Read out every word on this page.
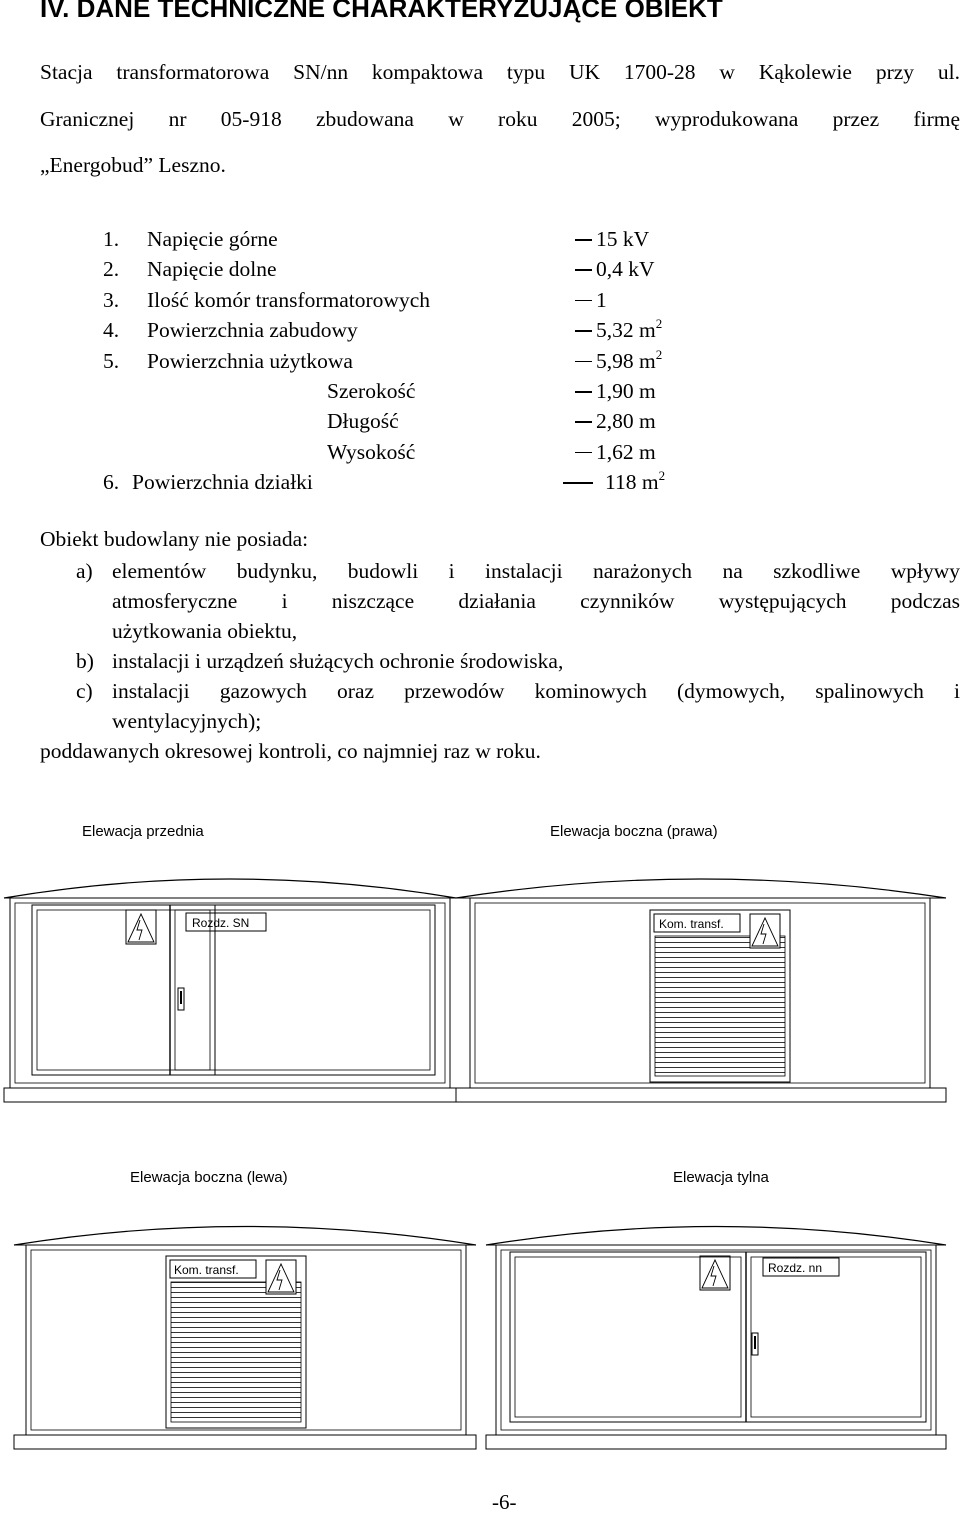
IV. DANE TECHNICZNE CHARAKTERYZUJĄCE OBIEKT
Stacja transformatorowa SN/nn kompaktowa typu UK 1700-28 w Kąkolewie przy ul.
Granicznej nr 05-918 zbudowana w roku 2005; wyprodukowana przez firmę
„Energobud” Leszno.
1. Napięcie górne	15 kV
2. Napięcie dolne	0,4 kV
3. Ilość komór transformatorowych	1
4. Powierzchnia zabudowy	5,32 $m^2$
5. Powierzchnia użytkowa	5,98 $m^2$
Szerokość	1,90 m
Długość	2,80 m
Wysokość	1,62 m
6. Powierzchnia działki	118 $m^2$
Obiekt budowlany nie posiada:
a) elementów budynku, budowli i instalacji narażonych na szkodliwe wpływy
atmosferyczne i niszczące działania czynników występujących podczas
użytkowania obiektu,
b) instalacji i urządzeń służących ochronie środowiska,
c) instalacji gazowych oraz przewodów kominowych (dymowych, spalinowych i
wentylacyjnych);
poddawanych okresowej kontroli, co najmniej raz w roku.
Elewacja przednia
Rozdz. SN
Elewacja boczna (prawa)
Kom. transf.
Elewacja boczna (lewa)
Kom. transf.
Elewacja tylna
Rozdz. nn
-6-
